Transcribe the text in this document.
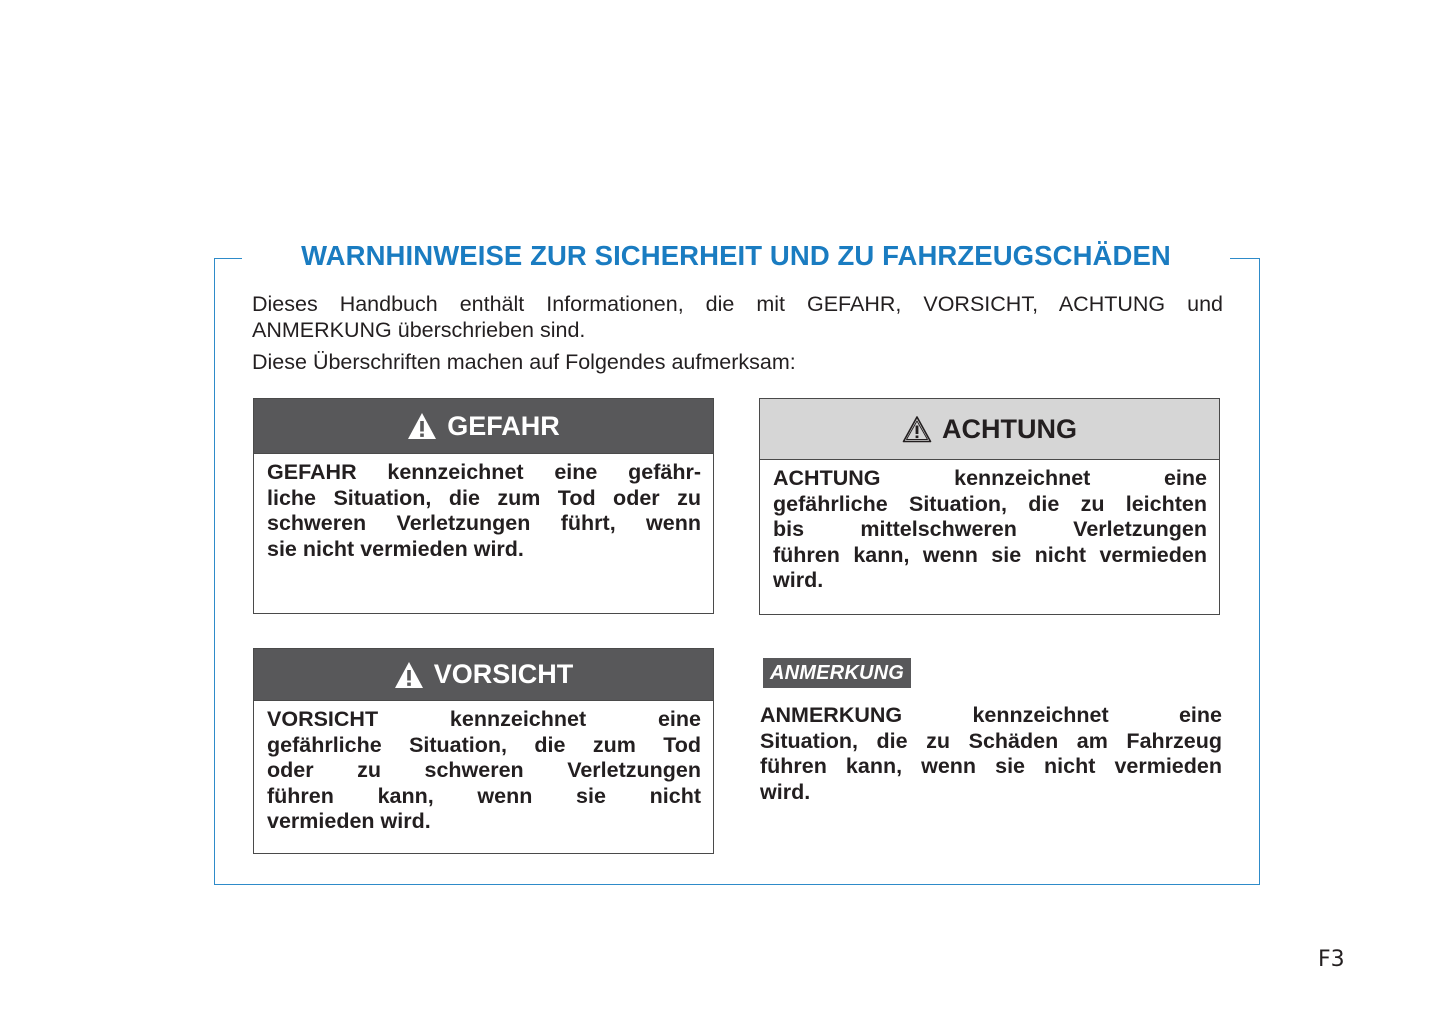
WARNHINWEISE ZUR SICHERHEIT UND ZU FAHRZEUGSCHÄDEN

Dieses Handbuch enthält Informationen, die mit GEFAHR, VORSICHT, ACHTUNG und ANMERKUNG überschrieben sind.

Diese Überschriften machen auf Folgendes aufmerksam:

GEFAHR
GEFAHR kennzeichnet eine gefähr-
liche Situation, die zum Tod oder zu
schweren Verletzungen führt, wenn
sie nicht vermieden wird.
ACHTUNG
ACHTUNG kennzeichnet eine
gefährliche Situation, die zu leichten
bis mittelschweren Verletzungen
führen kann, wenn sie nicht vermieden
wird.
VORSICHT
VORSICHT kennzeichnet eine
gefährliche Situation, die zum Tod
oder zu schweren Verletzungen
führen kann, wenn sie nicht
vermieden wird.
ANMERKUNG
ANMERKUNG kennzeichnet eine
Situation, die zu Schäden am Fahrzeug
führen kann, wenn sie nicht vermieden
wird.
F3
